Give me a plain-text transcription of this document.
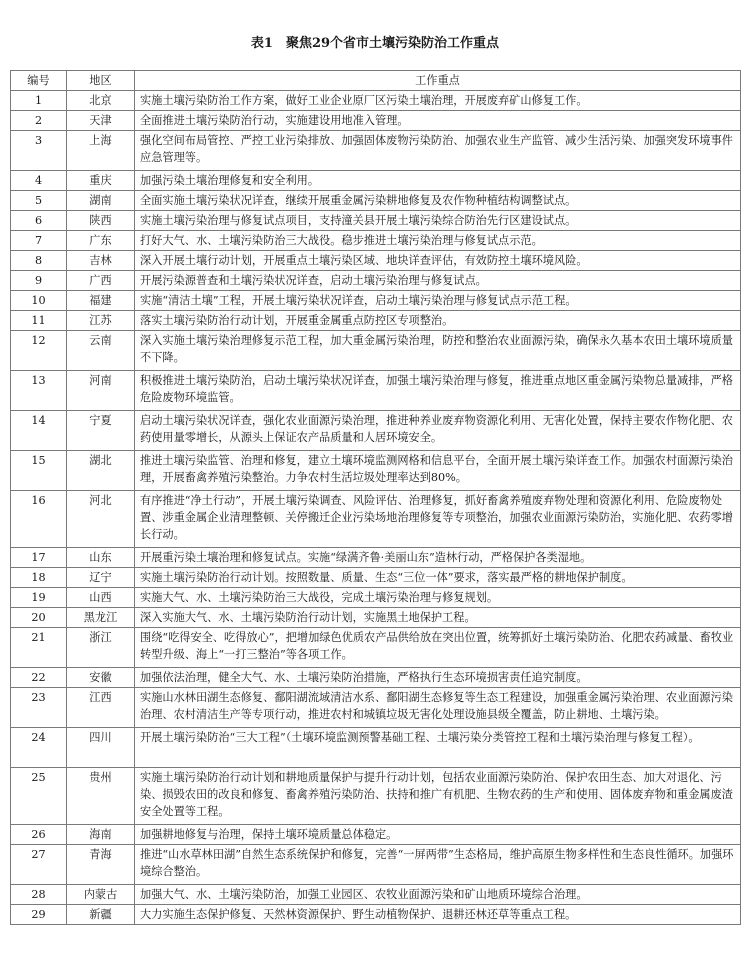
表1　聚焦29个省市土壤污染防治工作重点
编号	地区	工作重点
1	北京	实施土壤污染防治工作方案，做好工业企业原厂区污染土壤治理，开展废弃矿山修复工作。
2	天津	全面推进土壤污染防治行动，实施建设用地准入管理。
3	上海	强化空间布局管控、严控工业污染排放、加强固体废物污染防治、加强农业生产监管、减少生活污染、加强突发环境事件应急管理等。
4	重庆	加强污染土壤治理修复和安全利用。
5	湖南	全面实施土壤污染状况详查，继续开展重金属污染耕地修复及农作物种植结构调整试点。
6	陕西	实施土壤污染治理与修复试点项目，支持潼关县开展土壤污染综合防治先行区建设试点。
7	广东	打好大气、水、土壤污染防治三大战役。稳步推进土壤污染治理与修复试点示范。
8	吉林	深入开展土壤行动计划，开展重点土壤污染区域、地块详查评估，有效防控土壤环境风险。
9	广西	开展污染源普查和土壤污染状况详查，启动土壤污染治理与修复试点。
10	福建	实施“清洁土壤”工程，开展土壤污染状况详查，启动土壤污染治理与修复试点示范工程。
11	江苏	落实土壤污染防治行动计划，开展重金属重点防控区专项整治。
12	云南	深入实施土壤污染治理修复示范工程，加大重金属污染治理，防控和整治农业面源污染，确保永久基本农田土壤环境质量不下降。
13	河南	积极推进土壤污染防治，启动土壤污染状况详查，加强土壤污染治理与修复，推进重点地区重金属污染物总量减排，严格危险废物环境监管。
14	宁夏	启动土壤污染状况详查，强化农业面源污染治理，推进种养业废弃物资源化利用、无害化处置，保持主要农作物化肥、农药使用量零增长，从源头上保证农产品质量和人居环境安全。
15	湖北	推进土壤污染监管、治理和修复，建立土壤环境监测网格和信息平台，全面开展土壤污染详查工作。加强农村面源污染治理，开展畜禽养殖污染整治。力争农村生活垃圾处理率达到80%。
16	河北	有序推进“净土行动”，开展土壤污染调查、风险评估、治理修复，抓好畜禽养殖废弃物处理和资源化利用、危险废物处置、涉重金属企业清理整顿、关停搬迁企业污染场地治理修复等专项整治，加强农业面源污染防治，实施化肥、农药零增长行动。
17	山东	开展重污染土壤治理和修复试点。实施“绿满齐鲁·美丽山东”造林行动，严格保护各类湿地。
18	辽宁	实施土壤污染防治行动计划。按照数量、质量、生态“三位一体”要求，落实最严格的耕地保护制度。
19	山西	实施大气、水、土壤污染防治三大战役，完成土壤污染治理与修复规划。
20	黑龙江	深入实施大气、水、土壤污染防治行动计划，实施黑土地保护工程。
21	浙江	围绕“吃得安全、吃得放心”，把增加绿色优质农产品供给放在突出位置，统筹抓好土壤污染防治、化肥农药减量、畜牧业转型升级、海上“一打三整治”等各项工作。
22	安徽	加强依法治理，健全大气、水、土壤污染防治措施，严格执行生态环境损害责任追究制度。
23	江西	实施山水林田湖生态修复、鄱阳湖流域清洁水系、鄱阳湖生态修复等生态工程建设，加强重金属污染治理、农业面源污染治理、农村清洁生产等专项行动，推进农村和城镇垃圾无害化处理设施县级全覆盖，防止耕地、土壤污染。
24	四川	开展土壤污染防治“三大工程”（土壤环境监测预警基础工程、土壤污染分类管控工程和土壤污染治理与修复工程）。
25	贵州	实施土壤污染防治行动计划和耕地质量保护与提升行动计划，包括农业面源污染防治、保护农田生态、加大对退化、污染、损毁农田的改良和修复、畜禽养殖污染防治、扶持和推广有机肥、生物农药的生产和使用、固体废弃物和重金属废渣安全处置等工程。
26	海南	加强耕地修复与治理，保持土壤环境质量总体稳定。
27	青海	推进“山水草林田湖”自然生态系统保护和修复，完善“一屏两带”生态格局，维护高原生物多样性和生态良性循环。加强环境综合整治。
28	内蒙古	加强大气、水、土壤污染防治，加强工业园区、农牧业面源污染和矿山地质环境综合治理。
29	新疆	大力实施生态保护修复、天然林资源保护、野生动植物保护、退耕还林还草等重点工程。
